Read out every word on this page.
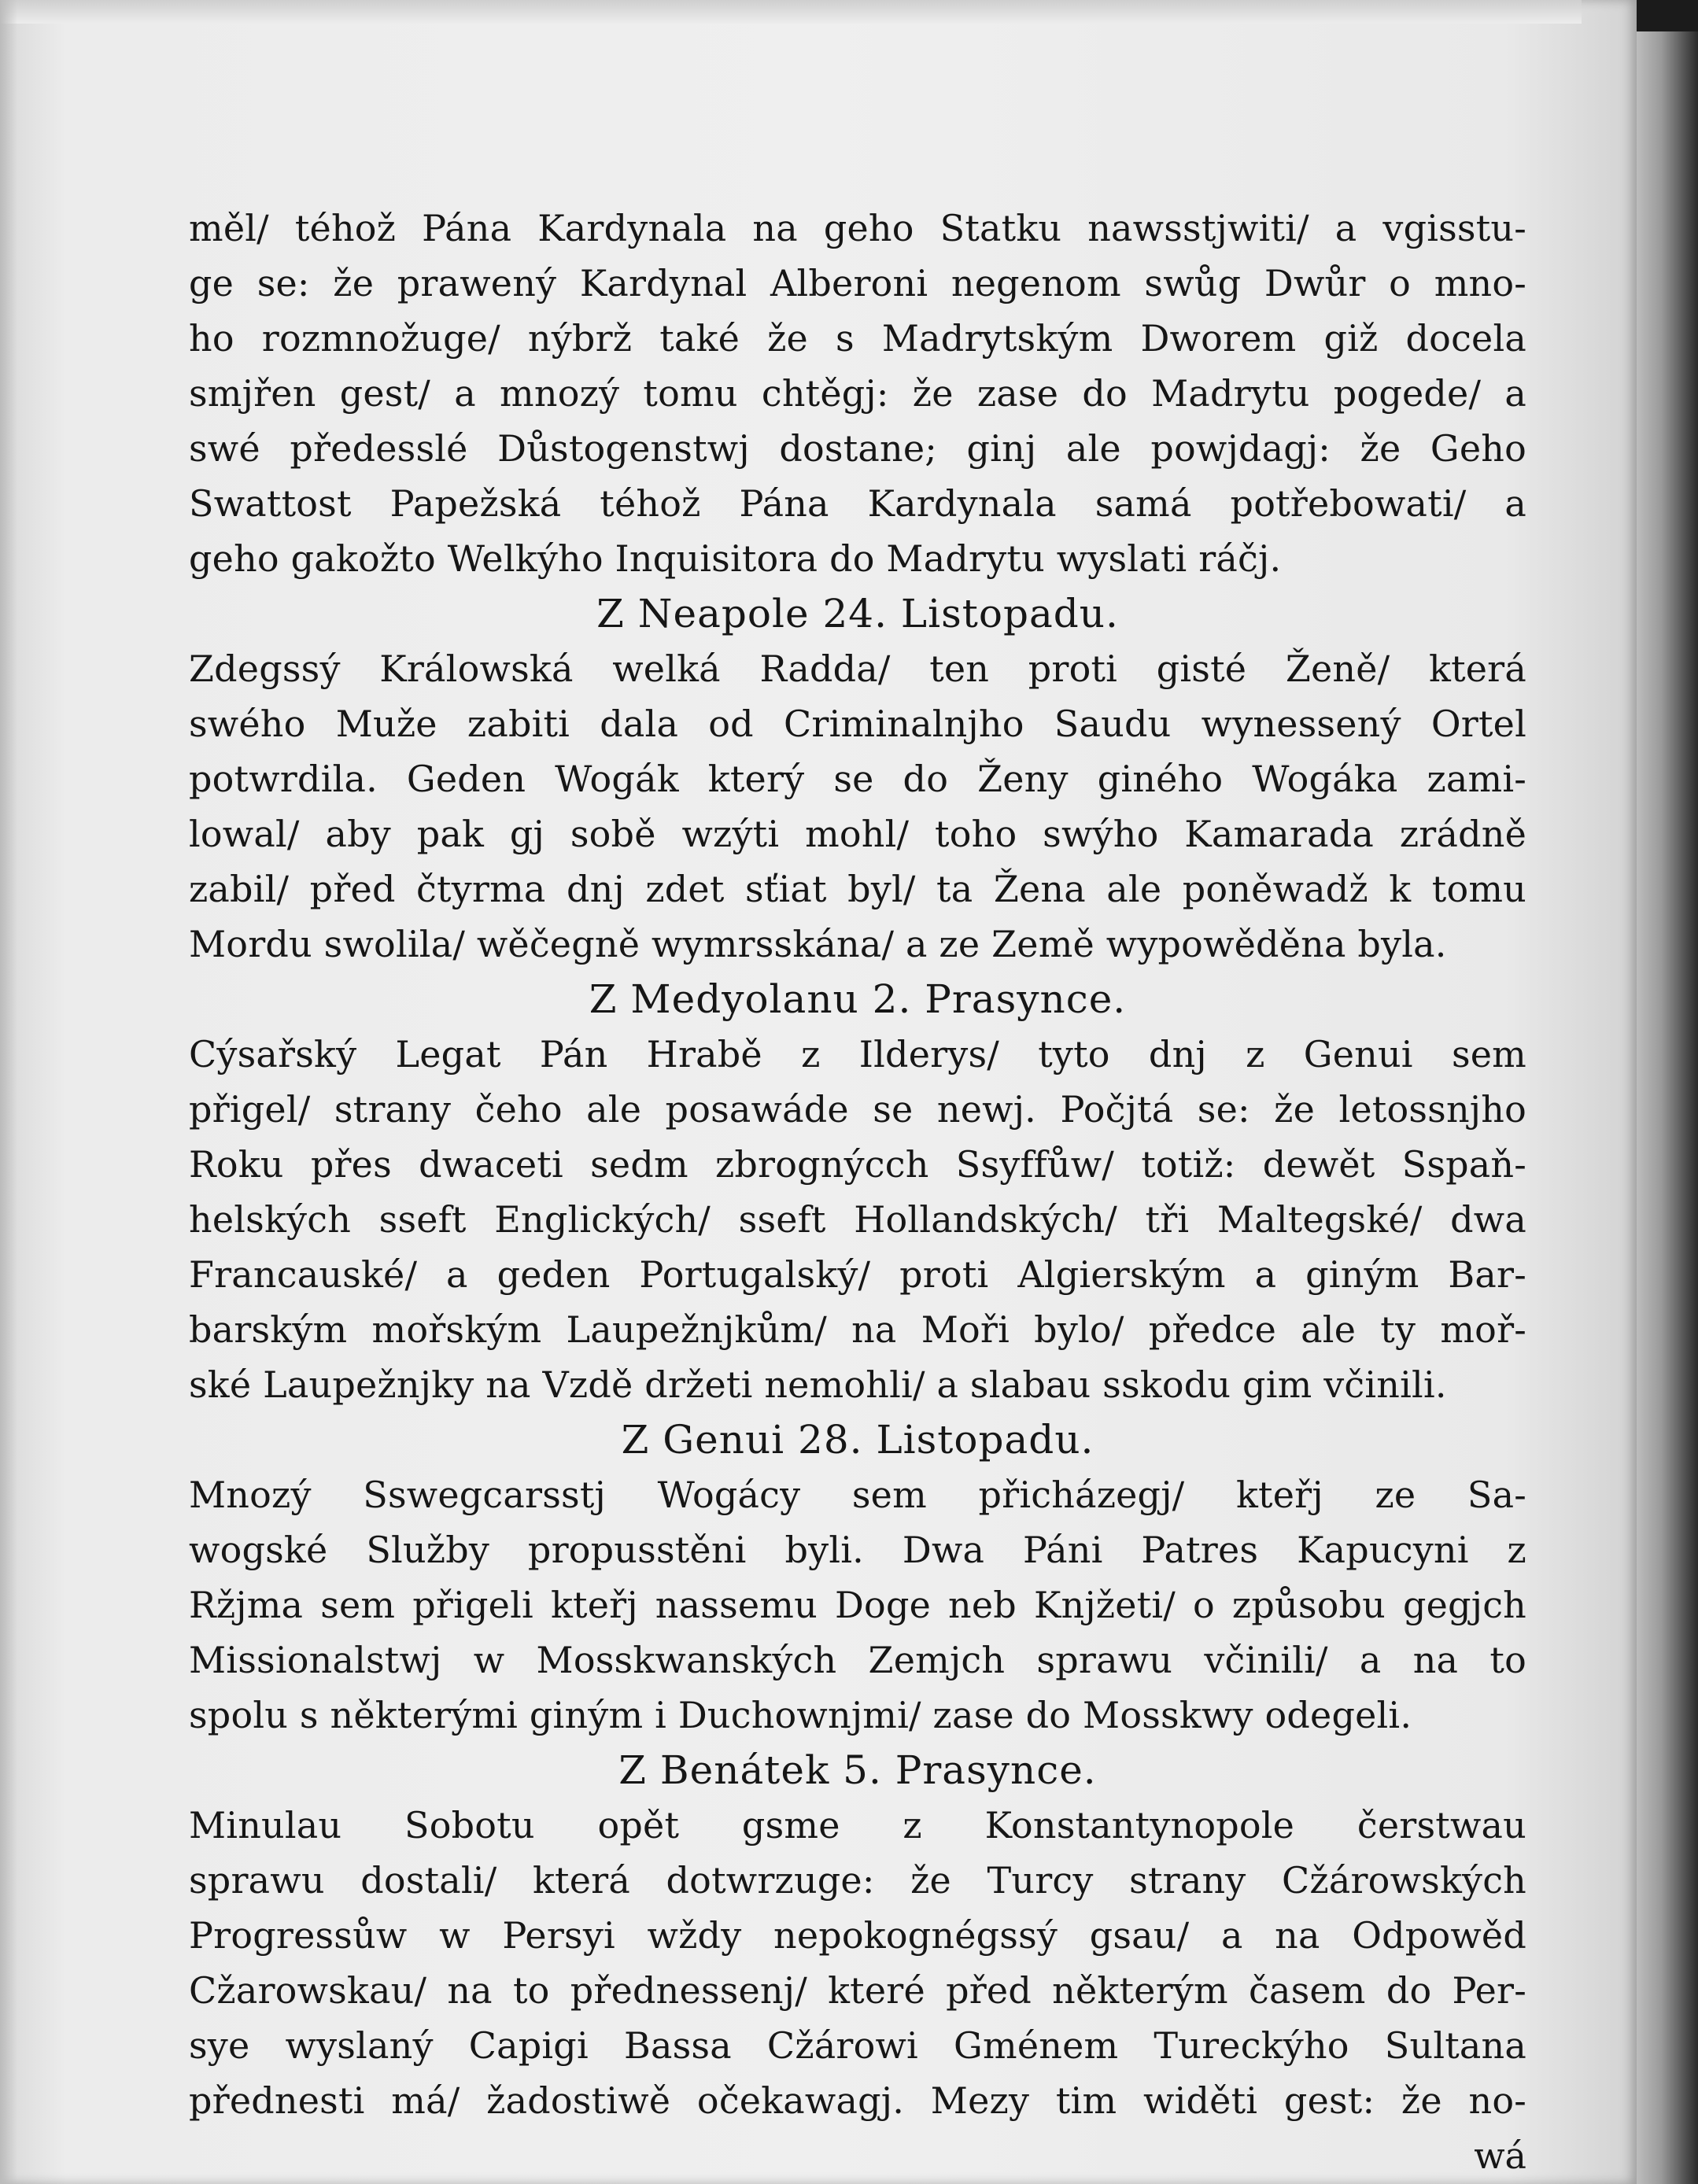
měl/ téhož Pána Kardynala na geho Statku nawsstjwiti/ a vgisstu-
ge se: že prawený Kardynal Alberoni negenom swůg Dwůr o mno-
ho rozmnožuge/ nýbrž také že s Madrytským Dworem giž docela
smjřen gest/ a mnozý tomu chtěgj: že zase do Madrytu pogede/ a
swé předesslé Důstogenstwj dostane; ginj ale powjdagj: že Geho
Swattost Papežská téhož Pána Kardynala samá potřebowati/ a
geho gakožto Welkýho Inquisitora do Madrytu wyslati ráčj.
Z Neapole 24. Listopadu.
Zdegssý Králowská welká Radda/ ten proti gisté Ženě/ která
swého Muže zabiti dala od Criminalnjho Saudu wynessený Ortel
potwrdila. Geden Wogák který se do Ženy giného Wogáka zami-
lowal/ aby pak gj sobě wzýti mohl/ toho swýho Kamarada zrádně
zabil/ před čtyrma dnj zdet sťiat byl/ ta Žena ale poněwadž k tomu
Mordu swolila/ wěčegně wymrsskána/ a ze Země wypowěděna byla.
Z Medyolanu 2. Prasynce.
Cýsařský Legat Pán Hrabě z Ilderys/ tyto dnj z Genui sem
přigel/ strany čeho ale posawáde se newj. Počjtá se: že letossnjho
Roku přes dwaceti sedm zbrognýcch Ssyffůw/ totiž: dewět Sspaň-
helských sseft Englických/ sseft Hollandských/ tři Maltegské/ dwa
Francauské/ a geden Portugalský/ proti Algierským a giným Bar-
barským mořským Laupežnjkům/ na Moři bylo/ předce ale ty moř-
ské Laupežnjky na Vzdě držeti nemohli/ a slabau sskodu gim včinili.
Z Genui 28. Listopadu.
Mnozý Sswegcarsstj Wogácy sem přicházegj/ kteřj ze Sa-
wogské Služby propusstěni byli. Dwa Páni Patres Kapucyni z
Ržjma sem přigeli kteřj nassemu Doge neb Knjžeti/ o způsobu gegjch
Missionalstwj w Mosskwanských Zemjch sprawu včinili/ a na to
spolu s některými giným i Duchownjmi/ zase do Mosskwy odegeli.
Z Benátek 5. Prasynce.
Minulau Sobotu opět gsme z Konstantynopole čerstwau
sprawu dostali/ která dotwrzuge: že Turcy strany Cžárowských
Progressůw w Persyi wždy nepokognégssý gsau/ a na Odpowěd
Cžarowskau/ na to přednessenj/ které před některým časem do Per-
sye wyslaný Capigi Bassa Cžárowi Gménem Tureckýho Sultana
přednesti má/ žadostiwě očekawagj. Mezy tim widěti gest: že no-
wá
